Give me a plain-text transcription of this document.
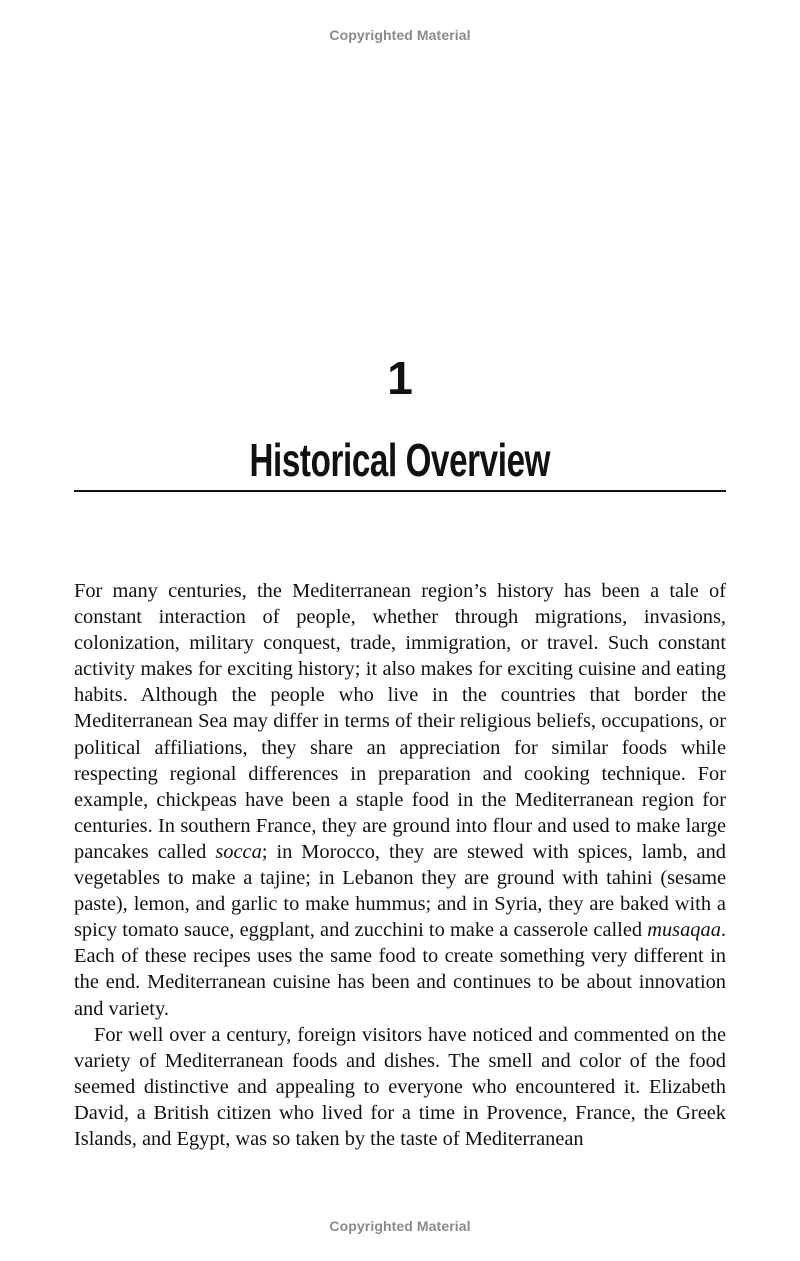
Copyrighted Material
1
Historical Overview

For many centuries, the Mediterranean region’s history has been a tale of constant interaction of people, whether through migrations, invasions, colonization, military conquest, trade, immigration, or travel. Such constant activity makes for exciting history; it also makes for exciting cuisine and eating habits. Although the people who live in the countries that border the Mediterranean Sea may differ in terms of their religious beliefs, occupations, or political affiliations, they share an appreciation for similar foods while respecting regional differences in preparation and cooking technique. For example, chickpeas have been a staple food in the Mediterranean region for centuries. In southern France, they are ground into flour and used to make large pancakes called socca; in Morocco, they are stewed with spices, lamb, and vegetables to make a tajine; in Lebanon they are ground with tahini (sesame paste), lemon, and garlic to make hummus; and in Syria, they are baked with a spicy tomato sauce, eggplant, and zucchini to make a casserole called musaqaa. Each of these recipes uses the same food to create something very different in the end. Mediterranean cuisine has been and continues to be about innovation and variety.

For well over a century, foreign visitors have noticed and commented on the variety of Mediterranean foods and dishes. The smell and color of the food seemed distinctive and appealing to everyone who encountered it. Elizabeth David, a British citizen who lived for a time in Provence, France, the Greek Islands, and Egypt, was so taken by the taste of Mediterranean

Copyrighted Material
